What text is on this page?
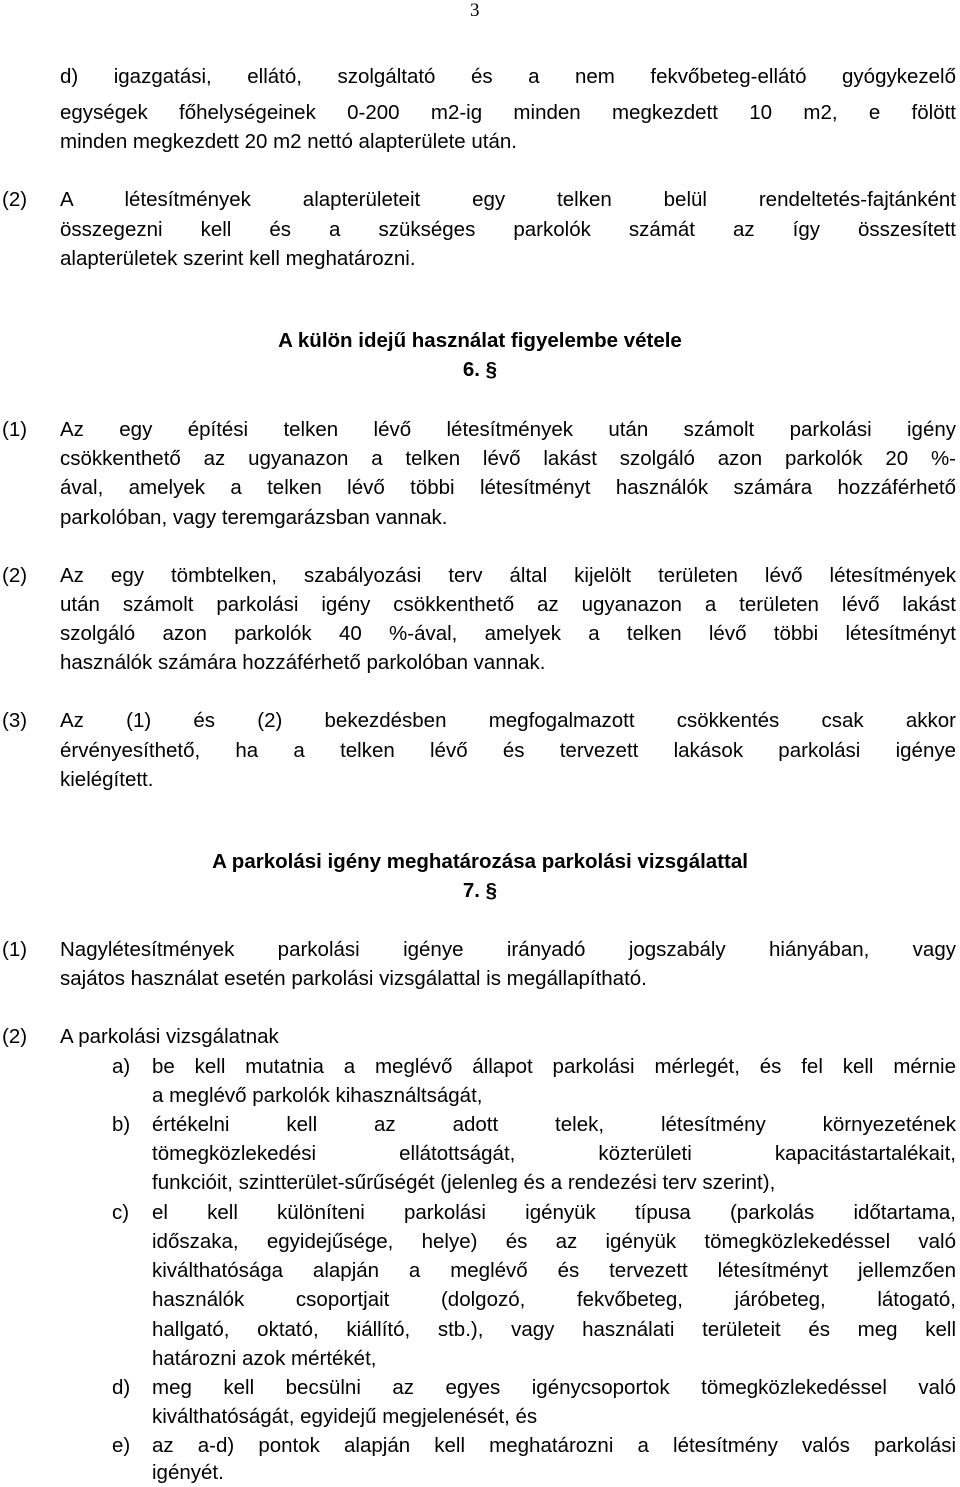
3
d) igazgatási, ellátó, szolgáltató és a nem fekvőbeteg-ellátó gyógykezelő
egységek főhelységeinek 0-200 m2-ig minden megkezdett 10 m2, e fölött
minden megkezdett 20 m2 nettó alapterülete után.
(2) A létesítmények alapterületeit egy telken belül rendeltetés-fajtánként
összegezni kell és a szükséges parkolók számát az így összesített
alapterületek szerint kell meghatározni.
A külön idejű használat figyelembe vétele
6. §
(1) Az egy építési telken lévő létesítmények után számolt parkolási igény
csökkenthető az ugyanazon a telken lévő lakást szolgáló azon parkolók 20 %-
ával, amelyek a telken lévő többi létesítményt használók számára hozzáférhető
parkolóban, vagy teremgarázsban vannak.
(2) Az egy tömbtelken, szabályozási terv által kijelölt területen lévő létesítmények
után számolt parkolási igény csökkenthető az ugyanazon a területen lévő lakást
szolgáló azon parkolók 40 %-ával, amelyek a telken lévő többi létesítményt
használók számára hozzáférhető parkolóban vannak.
(3) Az (1) és (2) bekezdésben megfogalmazott csökkentés csak akkor
érvényesíthető, ha a telken lévő és tervezett lakások parkolási igénye
kielégített.
A parkolási igény meghatározása parkolási vizsgálattal
7. §
(1) Nagylétesítmények parkolási igénye irányadó jogszabály hiányában, vagy
sajátos használat esetén parkolási vizsgálattal is megállapítható.
(2) A parkolási vizsgálatnak
a) be kell mutatnia a meglévő állapot parkolási mérlegét, és fel kell mérnie
a meglévő parkolók kihasználtságát,
b) értékelni kell az adott telek, létesítmény környezetének
tömegközlekedési ellátottságát, közterületi kapacitástartalékait,
funkcióit, szintterület-sűrűségét (jelenleg és a rendezési terv szerint),
c) el kell különíteni parkolási igényük típusa (parkolás időtartama,
időszaka, egyidejűsége, helye) és az igényük tömegközlekedéssel való
kiválthatósága alapján a meglévő és tervezett létesítményt jellemzően
használók csoportjait (dolgozó, fekvőbeteg, járóbeteg, látogató,
hallgató, oktató, kiállító, stb.), vagy használati területeit és meg kell
határozni azok mértékét,
d) meg kell becsülni az egyes igénycsoportok tömegközlekedéssel való
kiválthatóságát, egyidejű megjelenését, és
e) az a-d) pontok alapján kell meghatározni a létesítmény valós parkolási
igényét.
